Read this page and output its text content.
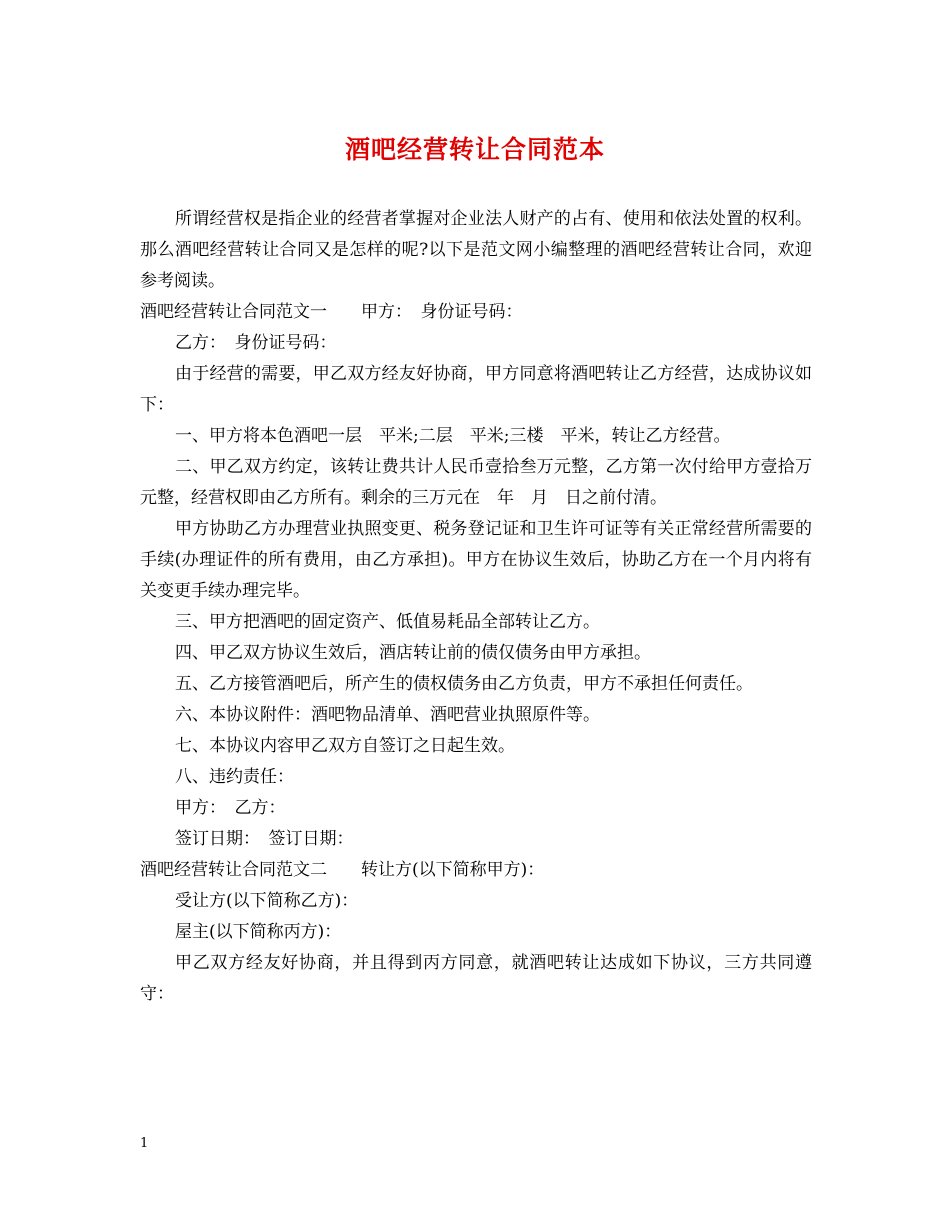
酒吧经营转让合同范本

所谓经营权是指企业的经营者掌握对企业法人财产的占有、使用和依法处置的权利。那么酒吧经营转让合同又是怎样的呢?以下是范文网小编整理的酒吧经营转让合同，欢迎参考阅读。

酒吧经营转让合同范文一　　甲方：　身份证号码：

乙方：　身份证号码：

由于经营的需要，甲乙双方经友好协商，甲方同意将酒吧转让乙方经营，达成协议如下：

一、甲方将本色酒吧一层　平米;二层　平米;三楼　平米，转让乙方经营。

二、甲乙双方约定，该转让费共计人民币壹拾叁万元整，乙方第一次付给甲方壹拾万元整，经营权即由乙方所有。剩余的三万元在　年　月　日之前付清。

甲方协助乙方办理营业执照变更、税务登记证和卫生许可证等有关正常经营所需要的手续(办理证件的所有费用，由乙方承担)。甲方在协议生效后，协助乙方在一个月内将有关变更手续办理完毕。

三、甲方把酒吧的固定资产、低值易耗品全部转让乙方。

四、甲乙双方协议生效后，酒店转让前的债仅债务由甲方承担。

五、乙方接管酒吧后，所产生的债权债务由乙方负责，甲方不承担任何责任。

六、本协议附件：酒吧物品清单、酒吧营业执照原件等。

七、本协议内容甲乙双方自签订之日起生效。

八、违约责任：

甲方：　乙方：

签订日期：　签订日期：

酒吧经营转让合同范文二　　转让方(以下简称甲方)：

受让方(以下简称乙方)：

屋主(以下简称丙方)：

甲乙双方经友好协商，并且得到丙方同意，就酒吧转让达成如下协议，三方共同遵守：

1
